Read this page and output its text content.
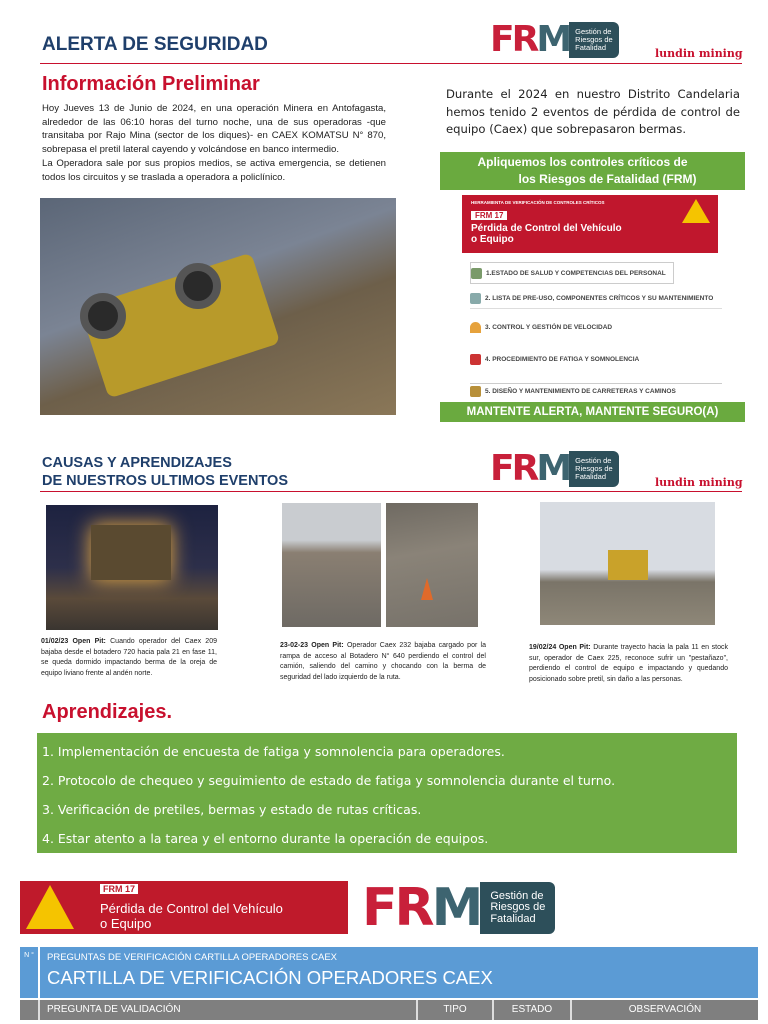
ALERTA DE SEGURIDAD	FRM Gestión de
Riesgos de
Fatalidad	lundin mining
Información Preliminar
Hoy Jueves 13 de Junio de 2024, en una operación Minera en Antofagasta, alrededor de las 06:10 horas del turno noche, una de sus operadoras -que transitaba por Rajo Mina (sector de los diques)- en CAEX KOMATSU N° 870, sobrepasa el pretil lateral cayendo y volcándose en banco intermedio.
La Operadora sale por sus propios medios, se activa emergencia, se detienen todos los circuitos y se traslada a operadora a policlínico.
Durante el 2024 en nuestro Distrito Candelaria hemos tenido 2 eventos de pérdida de control de equipo (Caex) que sobrepasaron bermas.
Apliquemos los controles críticos de
los Riesgos de Fatalidad (FRM)
HERRAMIENTA DE VERIFICACIÓN DE CONTROLES CRÍTICOS
FRM 17
Pérdida de Control del Vehículo
o Equipo
1.ESTADO DE SALUD Y COMPETENCIAS DEL PERSONAL
2. LISTA DE PRE-USO, COMPONENTES CRÍTICOS Y SU MANTENIMIENTO
3. CONTROL Y GESTIÓN DE VELOCIDAD
4. PROCEDIMIENTO DE FATIGA Y SOMNOLENCIA
5. DISEÑO Y MANTENIMIENTO DE CARRETERAS Y CAMINOS
MANTENTE ALERTA, MANTENTE SEGURO(A)
CAUSAS Y APRENDIZAJES
DE NUESTROS ULTIMOS EVENTOS	FRM Gestión de
Riesgos de
Fatalidad	lundin mining
01/02/23 Open Pit: Cuando operador del Caex 209 bajaba desde el botadero 720 hacia pala 21 en fase 11, se queda dormido impactando berma de la oreja de equipo liviano frente al andén norte.
23-02-23 Open Pit: Operador Caex 232 bajaba cargado por la rampa de acceso al Botadero N° 640 perdiendo el control del camión, saliendo del camino y chocando con la berma de seguridad del lado izquierdo de la ruta.
19/02/24 Open Pit: Durante trayecto hacia la pala 11 en stock sur, operador de Caex 225, reconoce sufrir un "pestañazo", perdiendo el control de equipo e impactando y quedando posicionado sobre pretil, sin daño a las personas.
Aprendizajes.
1. Implementación de encuesta de fatiga y somnolencia para operadores.
2. Protocolo de chequeo y seguimiento de estado de fatiga y somnolencia durante el turno.
3. Verificación de pretiles, bermas y estado de rutas críticas.
4. Estar atento a la tarea y el entorno durante la operación de equipos.
FRM 17
Pérdida de Control del Vehículo
o Equipo	FRM Gestión de
Riesgos de
Fatalidad
N °	PREGUNTAS DE VERIFICACIÓN CARTILLA OPERADORES CAEX
CARTILLA DE VERIFICACIÓN OPERADORES CAEX
PREGUNTA DE VALIDACIÓN	TIPO	ESTADO	OBSERVACIÓN
